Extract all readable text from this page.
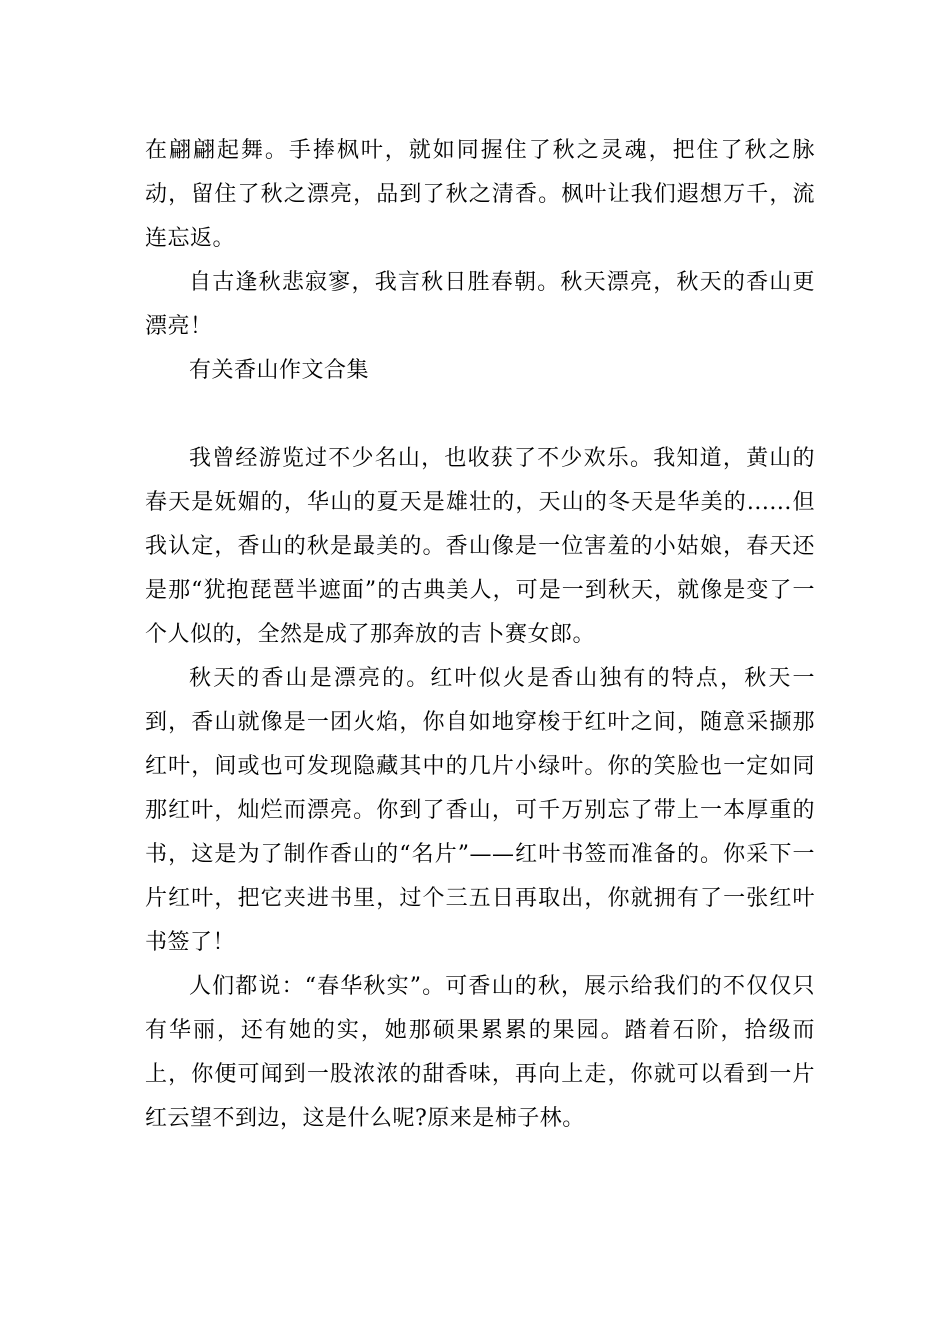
在翩翩起舞。手捧枫叶，就如同握住了秋之灵魂，把住了秋之脉动，留住了秋之漂亮，品到了秋之清香。枫叶让我们遐想万千，流连忘返。

自古逢秋悲寂寥，我言秋日胜春朝。秋天漂亮，秋天的香山更漂亮！

有关香山作文合集

我曾经游览过不少名山，也收获了不少欢乐。我知道，黄山的春天是妩媚的，华山的夏天是雄壮的，天山的冬天是华美的......但我认定，香山的秋是最美的。香山像是一位害羞的小姑娘，春天还是那“犹抱琵琶半遮面”的古典美人，可是一到秋天，就像是变了一个人似的，全然是成了那奔放的吉卜赛女郎。

秋天的香山是漂亮的。红叶似火是香山独有的特点，秋天一到，香山就像是一团火焰，你自如地穿梭于红叶之间，随意采撷那红叶，间或也可发现隐藏其中的几片小绿叶。你的笑脸也一定如同那红叶，灿烂而漂亮。你到了香山，可千万别忘了带上一本厚重的书，这是为了制作香山的“名片”——红叶书签而准备的。你采下一片红叶，把它夹进书里，过个三五日再取出，你就拥有了一张红叶书签了！

人们都说：“春华秋实”。可香山的秋，展示给我们的不仅仅只有华丽，还有她的实，她那硕果累累的果园。踏着石阶，拾级而上，你便可闻到一股浓浓的甜香味，再向上走，你就可以看到一片红云望不到边，这是什么呢?原来是柿子林。
